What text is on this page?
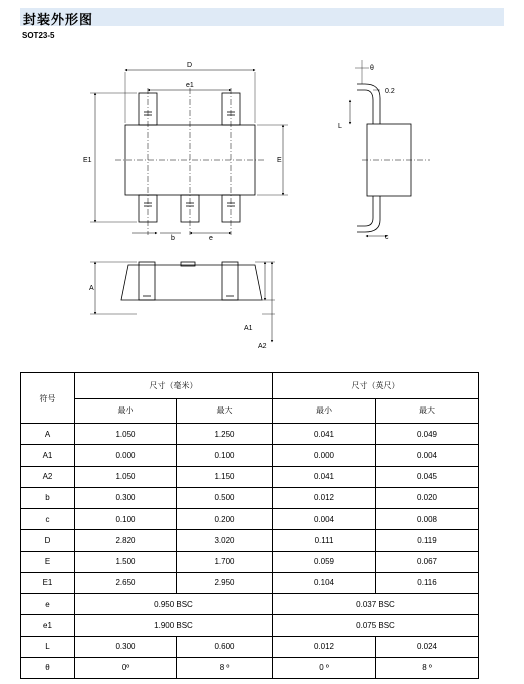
封装外形图
SOT23-5
D
e1
E1	E
b	e
θ
0.2
L
c
A
A1
A2
符号	尺寸（毫米）		尺寸（英尺）	
	最小	最大	最小	最大
A	1.050	1.250	0.041	0.049
A1	0.000	0.100	0.000	0.004
A2	1.050	1.150	0.041	0.045
b	0.300	0.500	0.012	0.020
c	0.100	0.200	0.004	0.008
D	2.820	3.020	0.111	0.119
E	1.500	1.700	0.059	0.067
E1	2.650	2.950	0.104	0.116
e	0.950 BSC		0.037 BSC	
e1	1.900 BSC		0.075 BSC	
L	0.300	0.600	0.012	0.024
θ	0º	8 º	0 º	8 º
